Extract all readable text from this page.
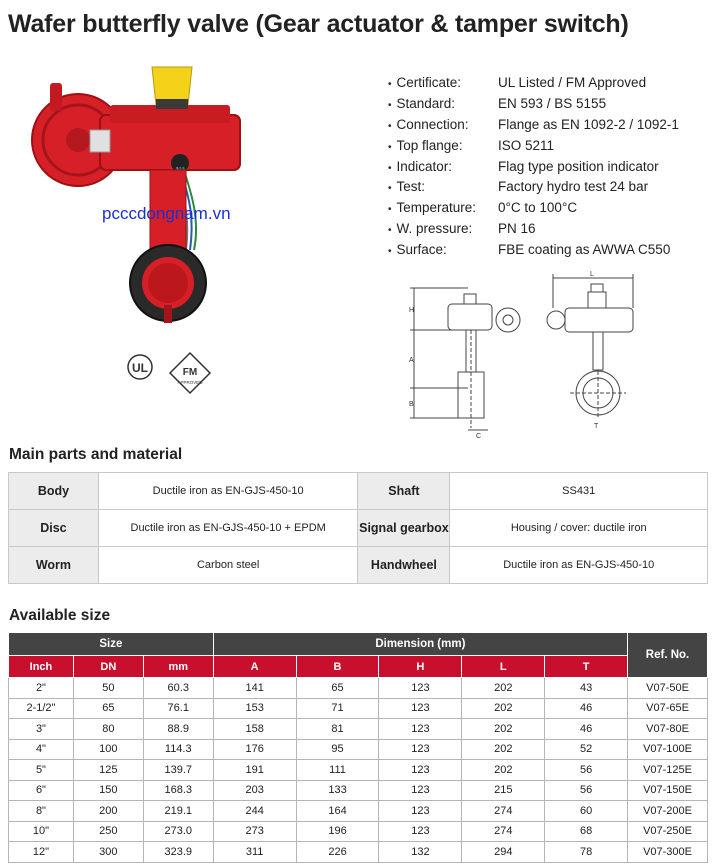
Wafer butterfly valve (Gear actuator & tamper switch)
UL	FM
APPROVED
pcccdongnam.vn
• Certificate:	UL Listed / FM Approved
• Standard:	EN 593 / BS 5155
• Connection:	Flange as EN 1092-2 / 1092-1
• Top flange:	ISO 5211
• Indicator:	Flag type position indicator
• Test:	Factory hydro test 24 bar
• Temperature:	0°C to 100°C
• W. pressure:	PN 16
• Surface:	FBE coating as AWWA C550
H
A
B
C
L
T
Main parts and material
Body	Ductile iron as EN-GJS-450-10	Shaft	SS431
Disc	Ductile iron as EN-GJS-450-10 + EPDM	Signal gearbox	Housing / cover: ductile iron
Worm	Carbon steel	Handwheel	Ductile iron as EN-GJS-450-10
Available size
Size			Dimension (mm)					Ref. No.
Inch	DN	mm	A	B	H	L	T	
2"	50	60.3	141	65	123	202	43	V07-50E
2-1/2"	65	76.1	153	71	123	202	46	V07-65E
3"	80	88.9	158	81	123	202	46	V07-80E
4"	100	114.3	176	95	123	202	52	V07-100E
5"	125	139.7	191	111	123	202	56	V07-125E
6"	150	168.3	203	133	123	215	56	V07-150E
8"	200	219.1	244	164	123	274	60	V07-200E
10"	250	273.0	273	196	123	274	68	V07-250E
12"	300	323.9	311	226	132	294	78	V07-300E
